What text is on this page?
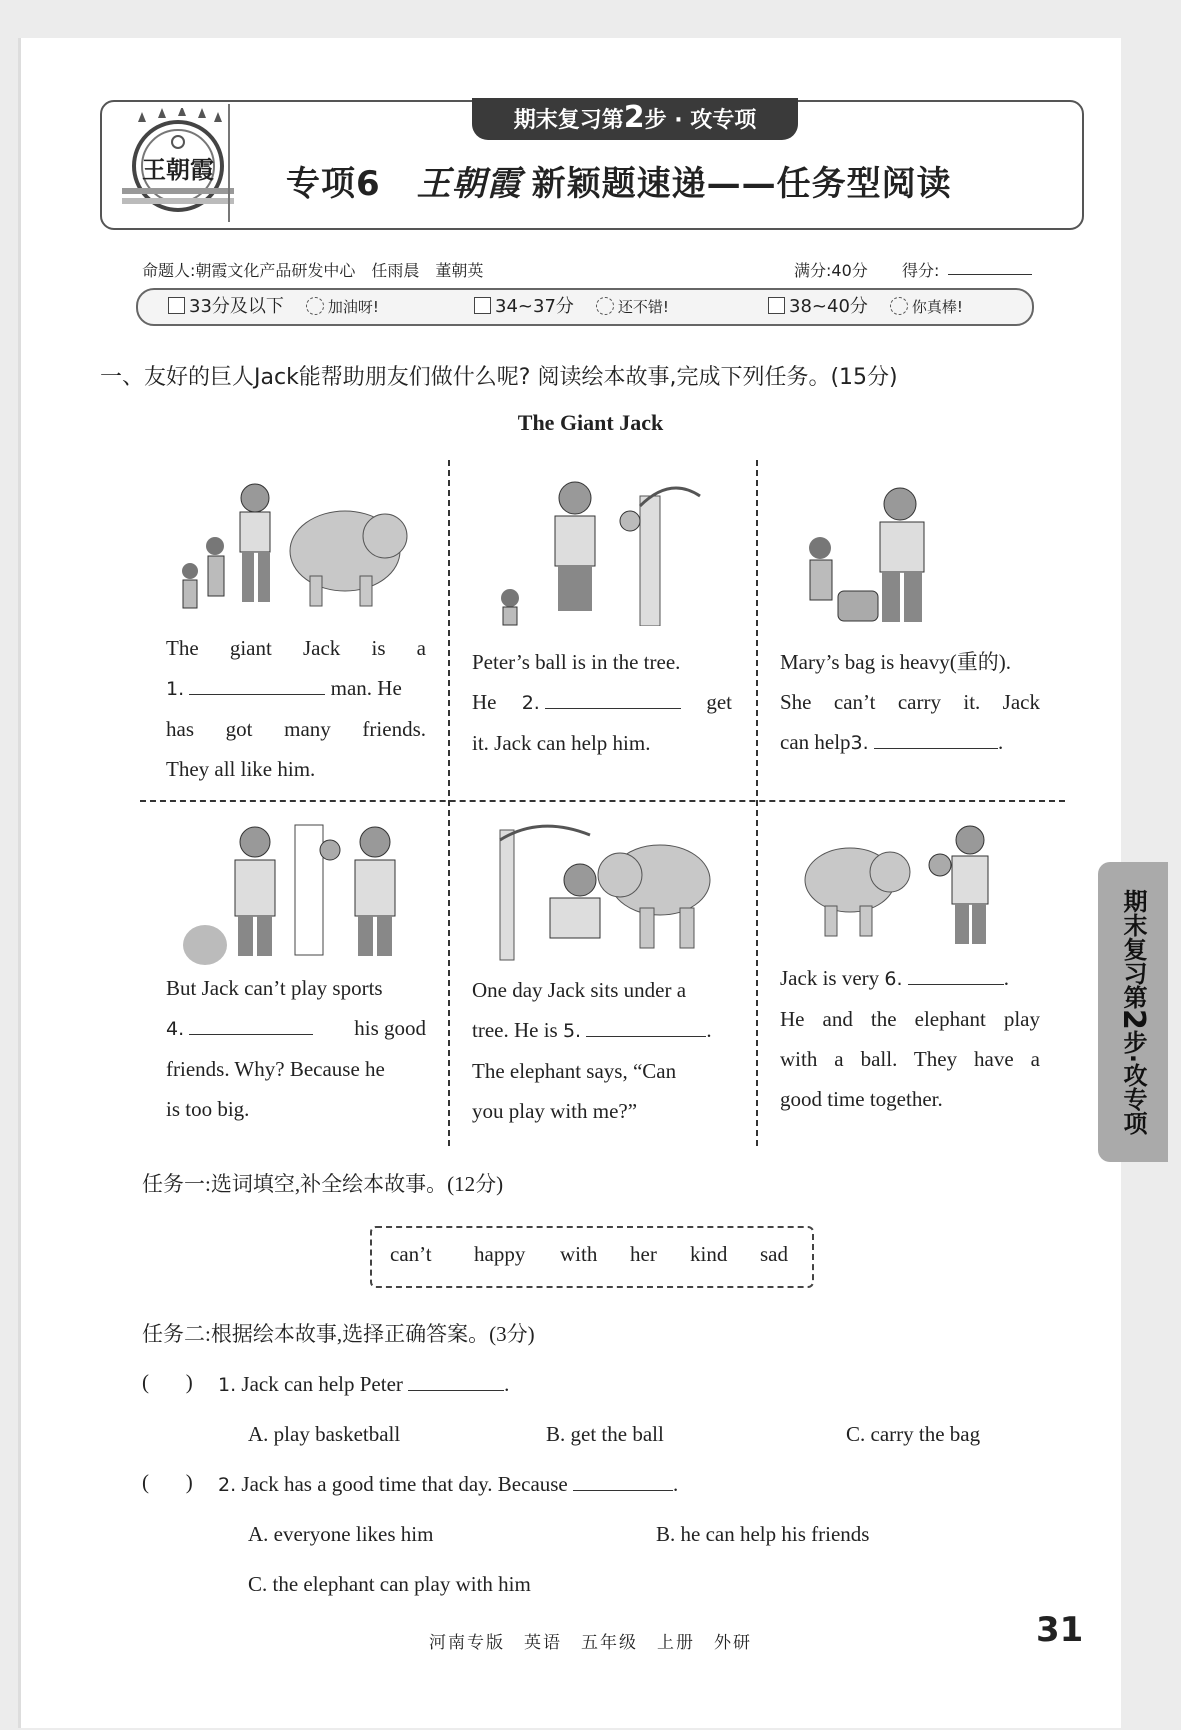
期末复习第2步 · 攻专项
王朝霞 专项6 王朝霞 新颖题速递——任务型阅读
命题人:朝霞文化产品研发中心　任雨晨　董朝英	满分:40分 得分:
33分及以下	加油呀!	34~37分	还不错!	38~40分	你真棒!
一、友好的巨人Jack能帮助朋友们做什么呢? 阅读绘本故事,完成下列任务。(15分)
The Giant Jack
The giant Jack is a
1.	man. He
has got many friends.
They all like him.
Peter’s ball is in the tree.
He 2.	get
it. Jack can help him.
Mary’s bag is heavy(重的).
She can’t carry it. Jack
can help3.	.
But Jack can’t play sports
4.	his good
friends. Why? Because he
is too big.
One day Jack sits under a
tree. He is 5.	.
The elephant says, “Can
you play with me?”
Jack is very 6.	.
He and the elephant play
with a ball. They have a
good time together.
任务一:选词填空,补全绘本故事。(12分)
can’t happy with her kind sad
任务二:根据绘本故事,选择正确答案。(3分)
(       ) 1. Jack can help Peter	.
A. play basketball	B. get the ball	C. carry the bag
(       ) 2. Jack has a good time that day. Because	.
A. everyone likes him	B. he can help his friends
C. the elephant can play with him
河南专版　英语　五年级　上册　外研	31
期末复习第2步·攻专项
